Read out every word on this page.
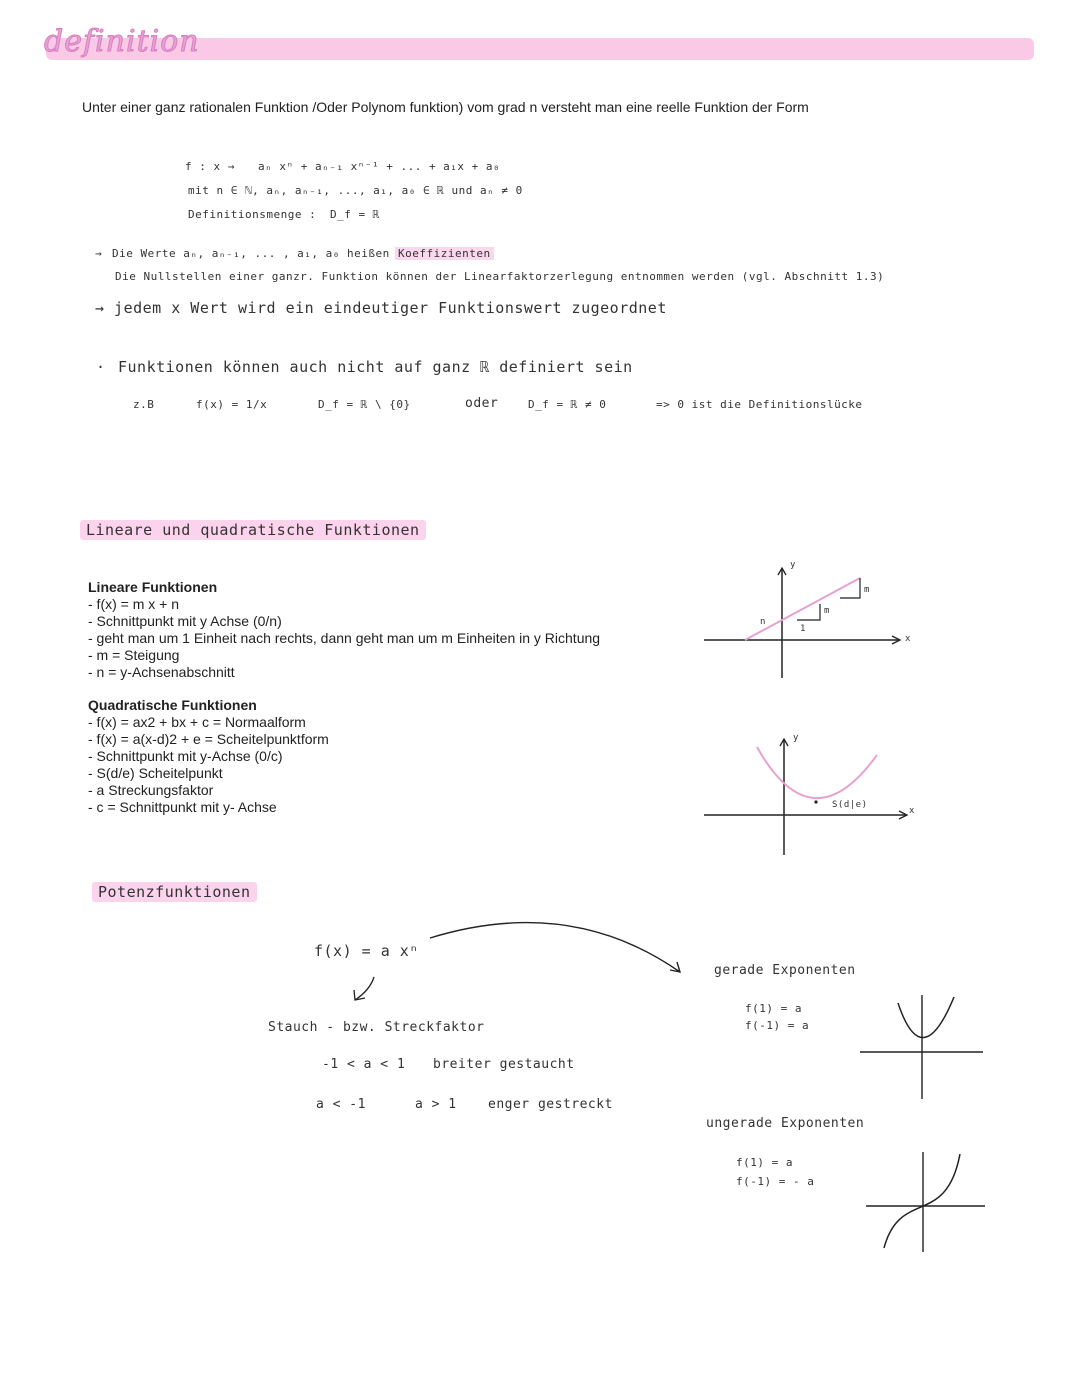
definition
Unter einer ganz rationalen Funktion /Oder Polynom funktion) vom grad n versteht man eine reelle Funktion der Form
f : x → aₙ xⁿ + aₙ₋₁ xⁿ⁻¹ + ... + a₁x + a₀
mit n ∈ ℕ, aₙ, aₙ₋₁, ..., a₁, a₀ ∈ ℝ und aₙ ≠ 0
Definitionsmenge : D_f = ℝ
→ Die Werte aₙ, aₙ₋₁, ... , a₁, a₀ heißen Koeffizienten
Die Nullstellen einer ganzr. Funktion können der Linearfaktorzerlegung entnommen werden (vgl. Abschnitt 1.3)
→ jedem x Wert wird ein eindeutiger Funktionswert zugeordnet
· Funktionen können auch nicht auf ganz ℝ definiert sein
z.B	f(x) = 1/x	D_f = ℝ \ {0}	oder	D_f = ℝ ≠ 0	=> 0 ist die Definitionslücke
Lineare und quadratische Funktionen
Lineare Funktionen
- f(x) = m x + n
- Schnittpunkt mit y Achse (0/n)
- geht man um 1 Einheit nach rechts, dann geht man um m Einheiten in y Richtung
- m = Steigung
- n = y-Achsenabschnitt
Quadratische Funktionen
- f(x) = ax2 + bx + c = Normaalform
- f(x) = a(x-d)2 + e = Scheitelpunktform
- Schnittpunkt mit y-Achse (0/c)
- S(d/e) Scheitelpunkt
- a Streckungsfaktor
- c = Schnittpunkt mit y- Achse
y
x
n
1
m
m
y
x
S(d|e)
Potenzfunktionen
f(x) = a xⁿ
Stauch - bzw. Streckfaktor
-1 < a < 1 breiter gestaucht
a < -1	a > 1 enger gestreckt
gerade Exponenten
f(1) = a
f(-1) = a
ungerade Exponenten
f(1) = a
f(-1) = - a
